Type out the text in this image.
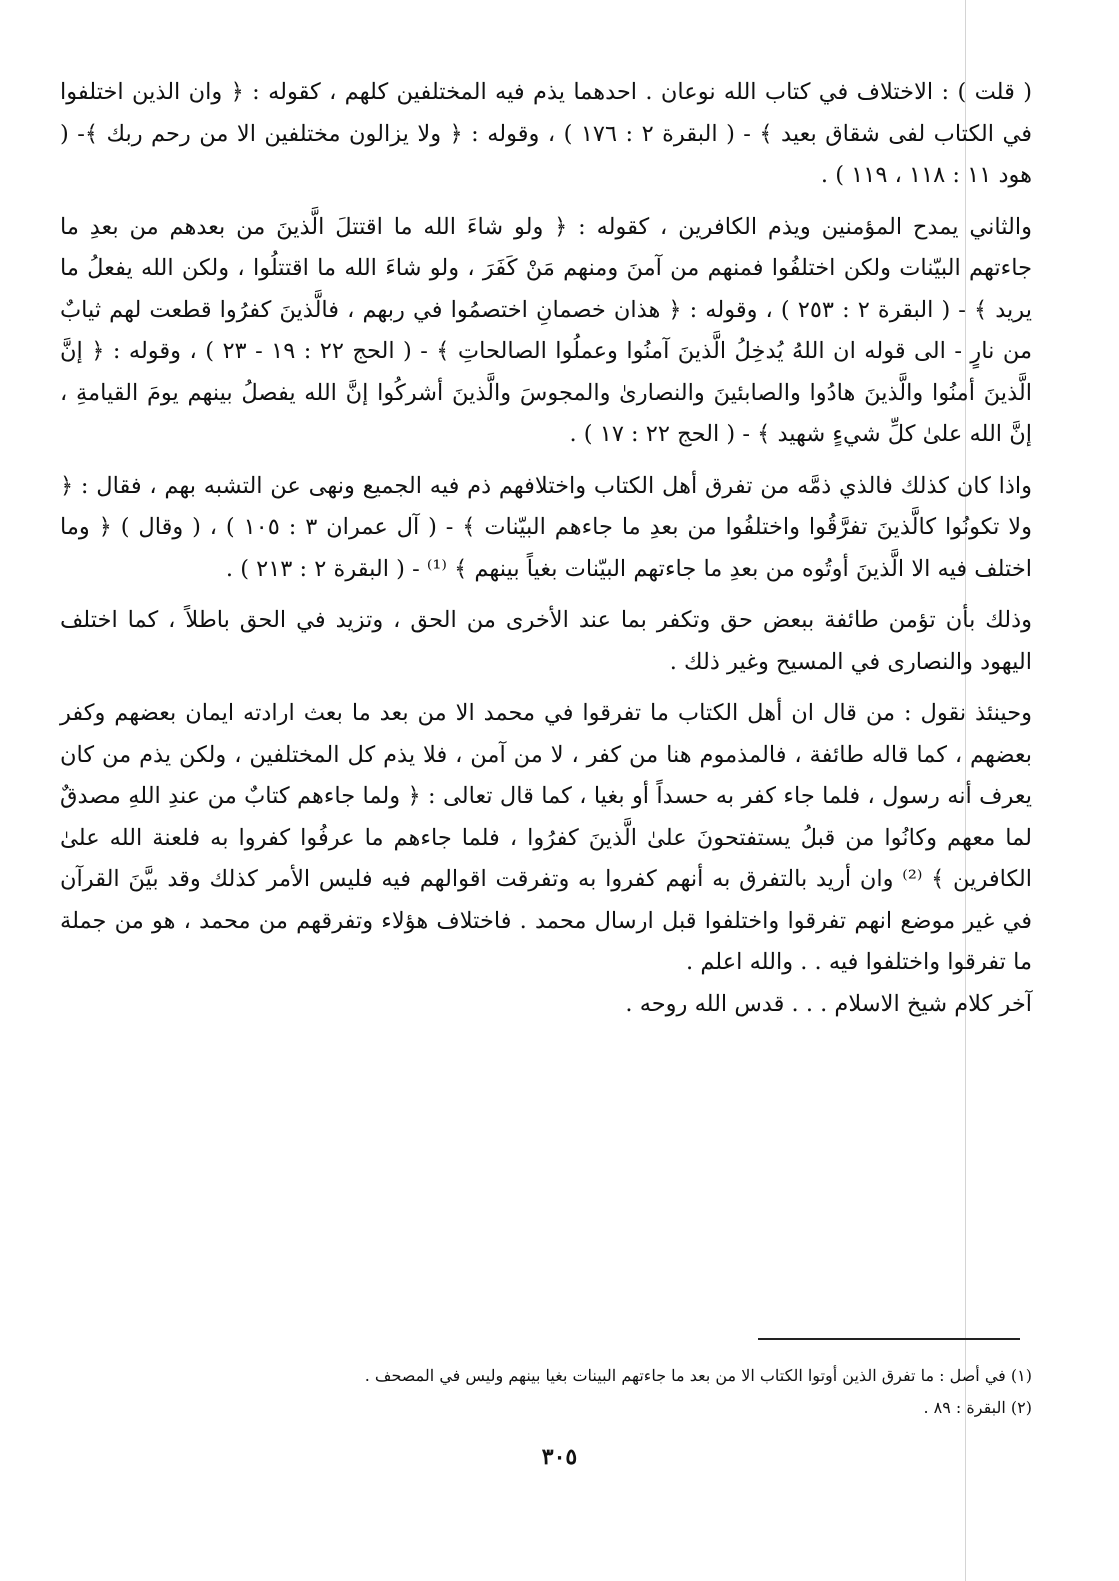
( قلت ) : الاختلاف في كتاب الله نوعان . احدهما يذم فيه المختلفين كلهم ، كقوله : ﴿ وان الذين اختلفوا في الكتاب لفى شقاق بعيد ﴾ - ( البقرة ٢ : ١٧٦ ) ، وقوله : ﴿ ولا يزالون مختلفين الا من رحم ربك ﴾- ( هود ١١ : ١١٨ ، ١١٩ ) .

والثاني يمدح المؤمنين ويذم الكافرين ، كقوله : ﴿ ولو شاءَ الله ما اقتتلَ الَّذينَ من بعدهم من بعدِ ما جاءتهم البيّنات ولكن اختلفُوا فمنهم من آمنَ ومنهم مَنْ كَفَرَ ، ولو شاءَ الله ما اقتتلُوا ، ولكن الله يفعلُ ما يريد ﴾ - ( البقرة ٢ : ٢٥٣ ) ، وقوله : ﴿ هذان خصمانِ اختصمُوا في ربهم ، فالَّذينَ كفرُوا قطعت لهم ثيابٌ من نارٍ - الى قوله ان اللهُ يُدخِلُ الَّذينَ آمنُوا وعملُوا الصالحاتِ ﴾ - ( الحج ٢٢ : ١٩ - ٢٣ ) ، وقوله : ﴿ إنَّ الَّذينَ أمنُوا والَّذينَ هادُوا والصابئينَ والنصارىٰ والمجوسَ والَّذينَ أشركُوا إنَّ الله يفصلُ بينهم يومَ القيامةِ ، إنَّ الله علىٰ كلِّ شيءٍ شهيد ﴾ - ( الحج ٢٢ : ١٧ ) .

واذا كان كذلك فالذي ذمَّه من تفرق أهل الكتاب واختلافهم ذم فيه الجميع ونهى عن التشبه بهم ، فقال : ﴿ ولا تكونُوا كالَّذينَ تفرَّقُوا واختلفُوا من بعدِ ما جاءهم البيّنات ﴾ - ( آل عمران ٣ : ١٠٥ ) ، ( وقال ) ﴿ وما اختلف فيه الا الَّذينَ أوتُوه من بعدِ ما جاءتهم البيّنات بغياً بينهم ﴾ ⁽¹⁾ - ( البقرة ٢ : ٢١٣ ) .

وذلك بأن تؤمن طائفة ببعض حق وتكفر بما عند الأخرى من الحق ، وتزيد في الحق باطلاً ، كما اختلف اليهود والنصارى في المسيح وغير ذلك .

وحينئذ نقول : من قال ان أهل الكتاب ما تفرقوا في محمد الا من بعد ما بعث ارادته ايمان بعضهم وكفر بعضهم ، كما قاله طائفة ، فالمذموم هنا من كفر ، لا من آمن ، فلا يذم كل المختلفين ، ولكن يذم من كان يعرف أنه رسول ، فلما جاء كفر به حسداً أو بغيا ، كما قال تعالى : ﴿ ولما جاءهم كتابٌ من عندِ اللهِ مصدقٌ لما معهم وكانُوا من قبلُ يستفتحونَ علىٰ الَّذينَ كفرُوا ، فلما جاءهم ما عرفُوا كفروا به فلعنة الله علىٰ الكافرين ﴾ ⁽²⁾ وان أريد بالتفرق به أنهم كفروا به وتفرقت اقوالهم فيه فليس الأمر كذلك وقد بيَّنَ القرآن في غير موضع انهم تفرقوا واختلفوا قبل ارسال محمد . فاختلاف هؤلاء وتفرقهم من محمد ، هو من جملة ما تفرقوا واختلفوا فيه . . والله اعلم .

آخر كلام شيخ الاسلام . . . قدس الله روحه .

(١) في أصل : ما تفرق الذين أوتوا الكتاب الا من بعد ما جاءتهم البينات بغيا بينهم وليس في المصحف .
(٢) البقرة : ٨٩ .
٣٠٥
